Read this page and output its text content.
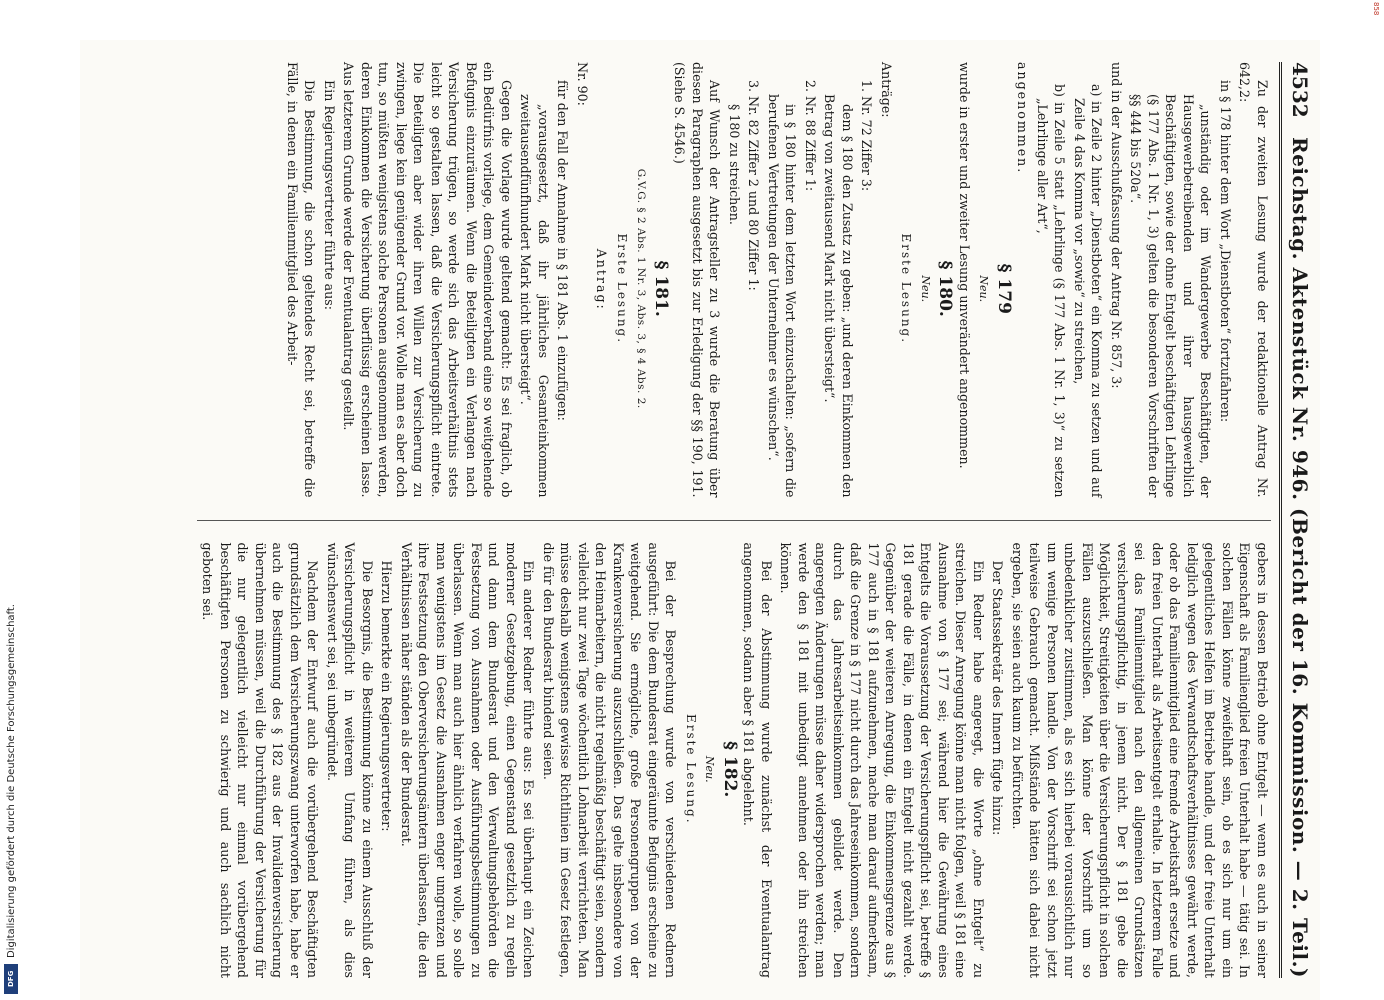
Digitalisierung gefördert durch die Deutsche Forschungsgemeinschaft.
DFG
858
4532
Reichstag. Aktenstück Nr. 946. (Bericht der 16. Kommission. — 2. Teil.)

Zu der zweiten Lesung wurde der redaktionelle Antrag Nr. 642,2:

in § 178 hinter dem Wort „Dienstboten“ fortzufahren:

„unständig oder im Wandergewerbe Beschäftigten, der Hausgewerbetreibenden und ihrer hausgewerblich Beschäftigten, sowie der ohne Entgelt beschäftigten Lehrlinge (§ 177 Abs. 1 Nr. 1, 3) gelten die besonderen Vorschriften der §§ 444 bis 520a“.

und in der Ausschußfassung der Antrag Nr. 857, 3:

a) in Zeile 2 hinter „Dienstboten“ ein Komma zu setzen und auf Zeile 4 das Komma vor „sowie“ zu streichen,

b) in Zeile 5 statt „Lehrlinge (§ 177 Abs. 1 Nr. 1, 3)“ zu setzen „Lehrlinge aller Art“,

angenommen.

§ 179

Neu.

wurde in erster und zweiter Lesung unverändert angenommen.

§ 180.

Neu.

Erste Lesung.

Anträge:

1. Nr. 72 Ziffer 3:

dem § 180 den Zusatz zu geben: „und deren Einkommen den Betrag von zweitausend Mark nicht übersteigt“.

2. Nr. 88 Ziffer 1:

in § 180 hinter dem letzten Wort einzuschalten: „sofern die berufenen Vertretungen der Unternehmer es wünschen“.

3. Nr. 82 Ziffer 2 und 80 Ziffer 1:

§ 180 zu streichen.

Auf Wunsch der Antragsteller zu 3 wurde die Beratung über diesen Paragraphen ausgesetzt bis zur Erledigung der §§ 190, 191. (Siehe S. 4546.)

§ 181.

G.V.G. § 2 Abs. 1 Nr. 3, Abs. 3, § 4 Abs. 2.

Erste Lesung.

Antrag:

Nr. 90:

für den Fall der Annahme in § 181 Abs. 1 einzufügen:

„vorausgesetzt, daß ihr jährliches Gesamteinkommen zweitausendfünfhundert Mark nicht übersteigt“.

Gegen die Vorlage wurde geltend gemacht: Es sei fraglich, ob ein Bedürfnis vorliege, dem Gemeindeverband eine so weitgehende Befugnis einzuräumen. Wenn die Beteiligten ein Verlangen nach Versicherung trügen, so werde sich das Arbeitsverhältnis stets leicht so gestalten lassen, daß die Versicherungspflicht eintrete. Die Beteiligten aber wider ihren Willen zur Versicherung zu zwingen, liege kein genügender Grund vor. Wolle man es aber doch tun, so müßten wenigstens solche Personen ausgenommen werden, deren Einkommen die Versicherung überflüssig erscheinen lasse. Aus letzterem Grunde werde der Eventualantrag gestellt.

Ein Regierungsvertreter führte aus:

Die Bestimmung, die schon geltendes Recht sei, betreffe die Fälle, in denen ein Familienmitglied des Arbeit-

gebers in dessen Betrieb ohne Entgelt — wenn es auch in seiner Eigenschaft als Familienglied freien Unterhalt habe — tätig sei. In solchen Fällen könne zweifelhaft sein, ob es sich nur um ein gelegentliches Helfen im Betriebe handle, und der freie Unterhalt lediglich wegen des Verwandtschaftsverhältnisses gewährt werde, oder ob das Familienmitglied eine fremde Arbeitskraft ersetze und den freien Unterhalt als Arbeitsentgelt erhalte. In letzterem Falle sei das Familienmitglied nach den allgemeinen Grundsätzen versicherungspflichtig, in jenem nicht. Der § 181 gebe die Möglichkeit, Streitigkeiten über die Versicherungspflicht in solchen Fällen auszuschließen. Man könne der Vorschrift um so unbedenklicher zustimmen, als es sich hierbei voraussichtlich nur um wenige Personen handle. Von der Vorschrift sei schon jetzt teilweise Gebrauch gemacht. Mißstände hätten sich dabei nicht ergeben, sie seien auch kaum zu befürchten.

Der Staatssekretär des Innern fügte hinzu:

Ein Redner habe angeregt, die Worte „ohne Entgelt“ zu streichen. Dieser Anregung könne man nicht folgen, weil § 181 eine Ausnahme von § 177 sei; während hier die Gewährung eines Entgelts die Voraussetzung der Versicherungspflicht sei, betreffe § 181 gerade die Fälle, in denen ein Entgelt nicht gezahlt werde. Gegenüber der weiteren Anregung, die Einkommensgrenze aus § 177 auch in § 181 aufzunehmen, mache man darauf aufmerksam, daß die Grenze in § 177 nicht durch das Jahreseinkommen, sondern durch das Jahresarbeitseinkommen gebildet werde. Den angeregten Änderungen müsse daher widersprochen werden; man werde den § 181 mit unbedingt annehmen oder ihn streichen können.

Bei der Abstimmung wurde zunächst der Eventualantrag angenommen, sodann aber § 181 abgelehnt.

§ 182.

Neu.

Erste Lesung.

Bei der Besprechung wurde von verschiedenen Rednern ausgeführt: Die dem Bundesrat eingeräumte Befugnis erscheine zu weitgehend. Sie ermögliche, große Personengruppen von der Krankenversicherung auszuschließen. Das gelte insbesondere von den Heimarbeitern, die nicht regelmäßig beschäftigt seien, sondern vielleicht nur zwei Tage wöchentlich Lohnarbeit verrichteten. Man müsse deshalb wenigstens gewisse Richtlinien im Gesetz festlegen, die für den Bundesrat bindend seien.

Ein anderer Redner führte aus: Es sei überhaupt ein Zeichen moderner Gesetzgebung, einen Gegenstand gesetzlich zu regeln und dann dem Bundesrat und den Verwaltungsbehörden die Festsetzung von Ausnahmen oder Ausführungsbestimmungen zu überlassen. Wenn man auch hier ähnlich verfahren wolle, so solle man wenigstens im Gesetz die Ausnahmen enger umgrenzen und ihre Festsetzung den Oberversicherungsämtern überlassen, die den Verhältnissen näher ständen als der Bundesrat.

Hierzu bemerkte ein Regierungsvertreter:

Die Besorgnis, die Bestimmung könne zu einem Ausschluß der Versicherungspflicht in weiterem Umfang führen, als dies wünschenswert sei, sei unbegründet.

Nachdem der Entwurf auch die vorübergehend Beschäftigten grundsätzlich dem Versicherungszwang unterworfen habe, habe er auch die Bestimmung des § 182 aus der Invalidenversicherung übernehmen müssen, weil die Durchführung der Versicherung für die nur gelegentlich vielleicht nur einmal vorübergehend beschäftigten Personen zu schwierig und auch sachlich nicht geboten sei.
